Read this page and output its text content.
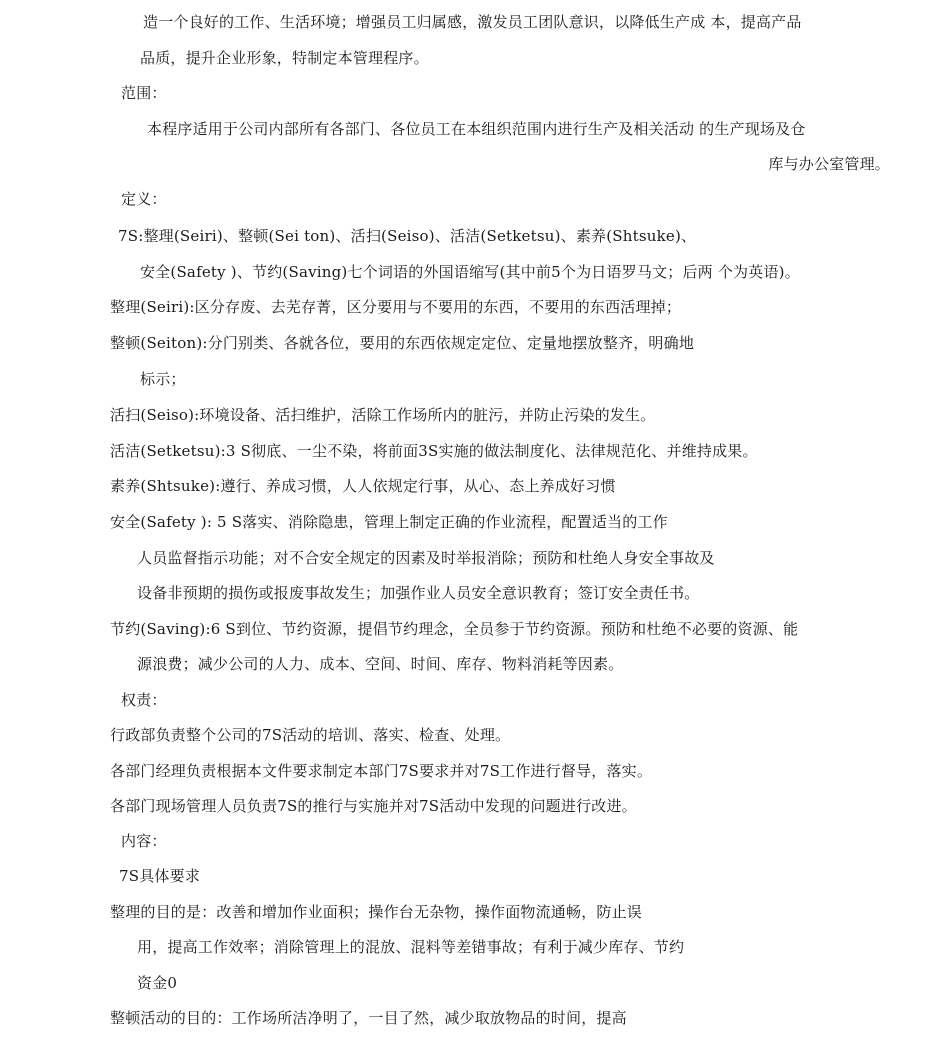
造一个良好的工作、生活环境；增强员工归属感，激发员工团队意识，以降低生产成 本，提高产品
品质，提升企业形象，特制定本管理程序。
范围：
本程序适用于公司内部所有各部门、各位员工在本组织范围内进行生产及相关活动 的生产现场及仓
库与办公室管理。
定义：
7S:整理(Seiri)、整顿(Sei ton)、活扫(Seiso)、活洁(Setketsu)、素养(Shtsuke)、
安全(Safety )、节约(Saving)七个词语的外国语缩写(其中前5个为日语罗马文；后两 个为英语)。
整理(Seiri):区分存废、去芜存菁，区分要用与不要用的东西，不要用的东西活理掉；
整顿(Seiton):分门别类、各就各位，要用的东西依规定定位、定量地摆放整齐，明确地
标示；
活扫(Seiso):环境设备、活扫维护，活除工作场所内的脏污，并防止污染的发生。
活洁(Setketsu):3 S彻底、一尘不染，将前面3S实施的做法制度化、法律规范化、并维持成果。
素养(Shtsuke):遵行、养成习惯，人人依规定行事，从心、态上养成好习惯
安全(Safety ): 5 S落实、消除隐患，管理上制定正确的作业流程，配置适当的工作
人员监督指示功能；对不合安全规定的因素及时举报消除；预防和杜绝人身安全事故及
设备非预期的损伤或报废事故发生；加强作业人员安全意识教育；签订安全责任书。
节约(Saving):6 S到位、节约资源，提倡节约理念，全员参于节约资源。预防和杜绝不必要的资源、能
源浪费；减少公司的人力、成本、空间、时间、库存、物料消耗等因素。
权责：
行政部负责整个公司的7S活动的培训、落实、检查、处理。
各部门经理负责根据本文件要求制定本部门7S要求并对7S工作进行督导，落实。
各部门现场管理人员负责7S的推行与实施并对7S活动中发现的问题进行改进。
内容：
7S具体要求
整理的目的是：改善和增加作业面积；操作台无杂物，操作面物流通畅，防止误
用，提高工作效率；消除管理上的混放、混料等差错事故；有利于减少库存、节约
资金0
整顿活动的目的：工作场所洁净明了，一目了然，减少取放物品的时间，提高
